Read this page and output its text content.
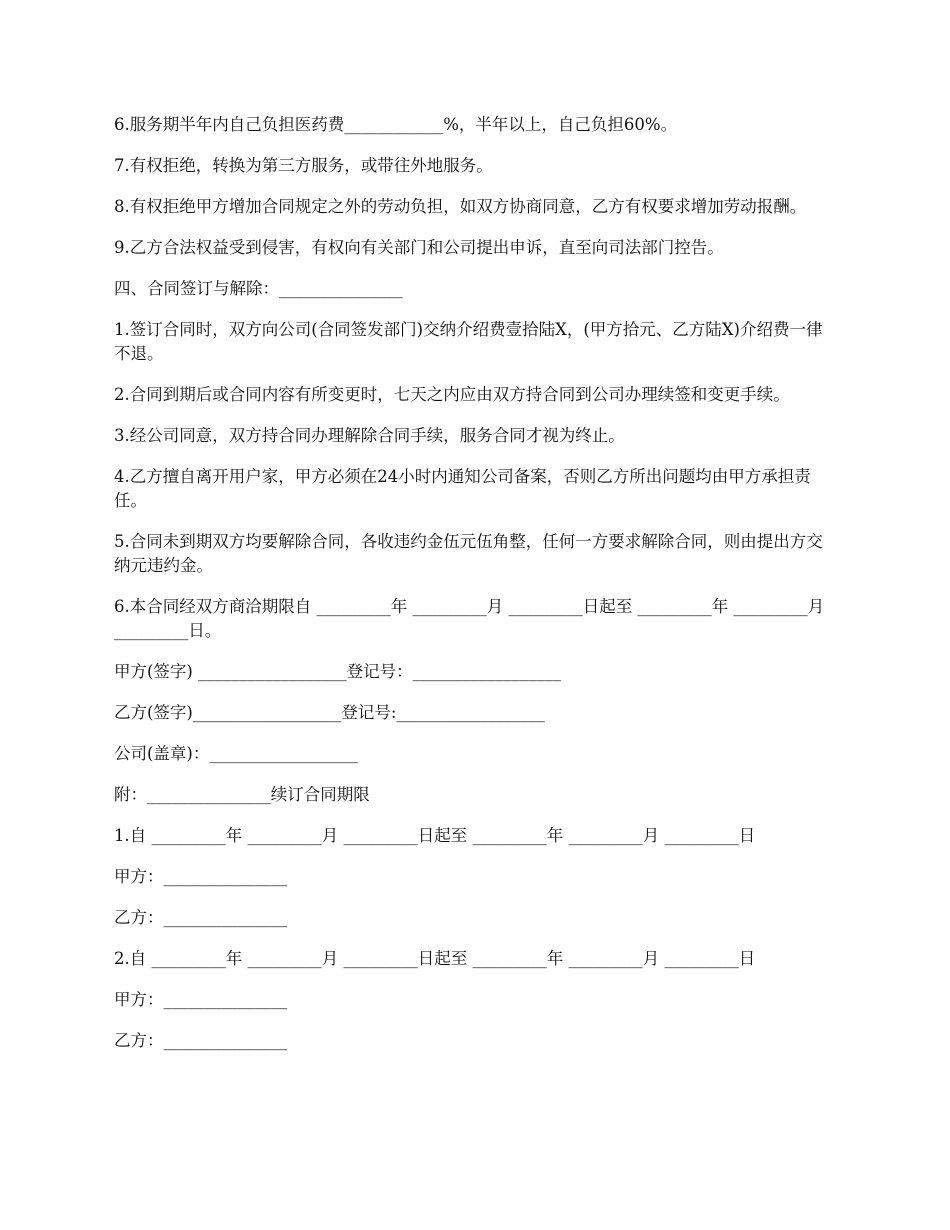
6.服务期半年内自己负担医药费____________%，半年以上，自己负担60%。

7.有权拒绝，转换为第三方服务，或带往外地服务。

8.有权拒绝甲方增加合同规定之外的劳动负担，如双方协商同意，乙方有权要求增加劳动报酬。

9.乙方合法权益受到侵害，有权向有关部门和公司提出申诉，直至向司法部门控告。

四、合同签订与解除：_______________

1.签订合同时，双方向公司(合同签发部门)交纳介绍费壹拾陆X，(甲方拾元、乙方陆X)介绍费一律不退。

2.合同到期后或合同内容有所变更时，七天之内应由双方持合同到公司办理续签和变更手续。

3.经公司同意，双方持合同办理解除合同手续，服务合同才视为终止。

4.乙方擅自离开用户家，甲方必须在24小时内通知公司备案，否则乙方所出问题均由甲方承担责任。

5.合同未到期双方均要解除合同，各收违约金伍元伍角整，任何一方要求解除合同，则由提出方交纳元违约金。

6.本合同经双方商洽期限自 _________年 _________月 _________日起至 _________年 _________月 _________日。

甲方(签字) __________________登记号：__________________

乙方(签字)__________________登记号:__________________

公司(盖章)：__________________

附：_______________续订合同期限

1.自 _________年 _________月 _________日起至 _________年 _________月 _________日

甲方：_______________

乙方：_______________

2.自 _________年 _________月 _________日起至 _________年 _________月 _________日

甲方：_______________

乙方：_______________
